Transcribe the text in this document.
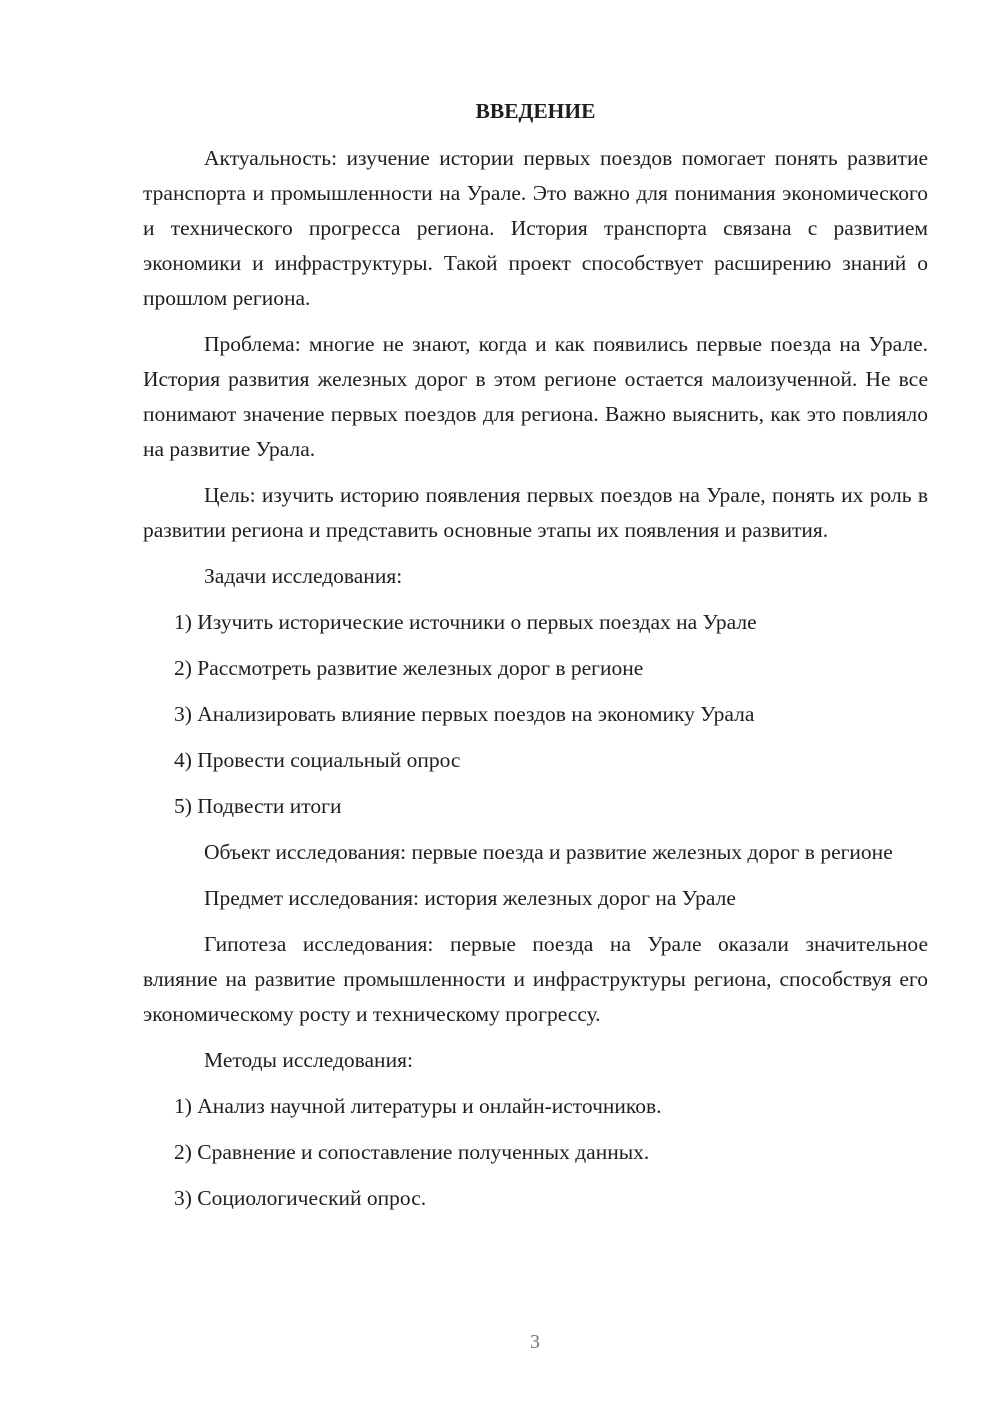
ВВЕДЕНИЕ

Актуальность: изучение истории первых поездов помогает понять развитие транспорта и промышленности на Урале. Это важно для понимания экономического и технического прогресса региона. История транспорта связана с развитием экономики и инфраструктуры. Такой проект способствует расширению знаний о прошлом региона.

Проблема: многие не знают, когда и как появились первые поезда на Урале. История развития железных дорог в этом регионе остается малоизученной. Не все понимают значение первых поездов для региона. Важно выяснить, как это повлияло на развитие Урала.

Цель: изучить историю появления первых поездов на Урале, понять их роль в развитии региона и представить основные этапы их появления и развития.

Задачи исследования:

1) Изучить исторические источники о первых поездах на Урале
2) Рассмотреть развитие железных дорог в регионе
3) Анализировать влияние первых поездов на экономику Урала
4) Провести социальный опрос
5) Подвести итоги

Объект исследования: первые поезда и развитие железных дорог в регионе

Предмет исследования: история железных дорог на Урале

Гипотеза исследования: первые поезда на Урале оказали значительное влияние на развитие промышленности и инфраструктуры региона, способствуя его экономическому росту и техническому прогрессу.

Методы исследования:

1) Анализ научной литературы и онлайн-источников.
2) Сравнение и сопоставление полученных данных.
3) Социологический опрос.
3
